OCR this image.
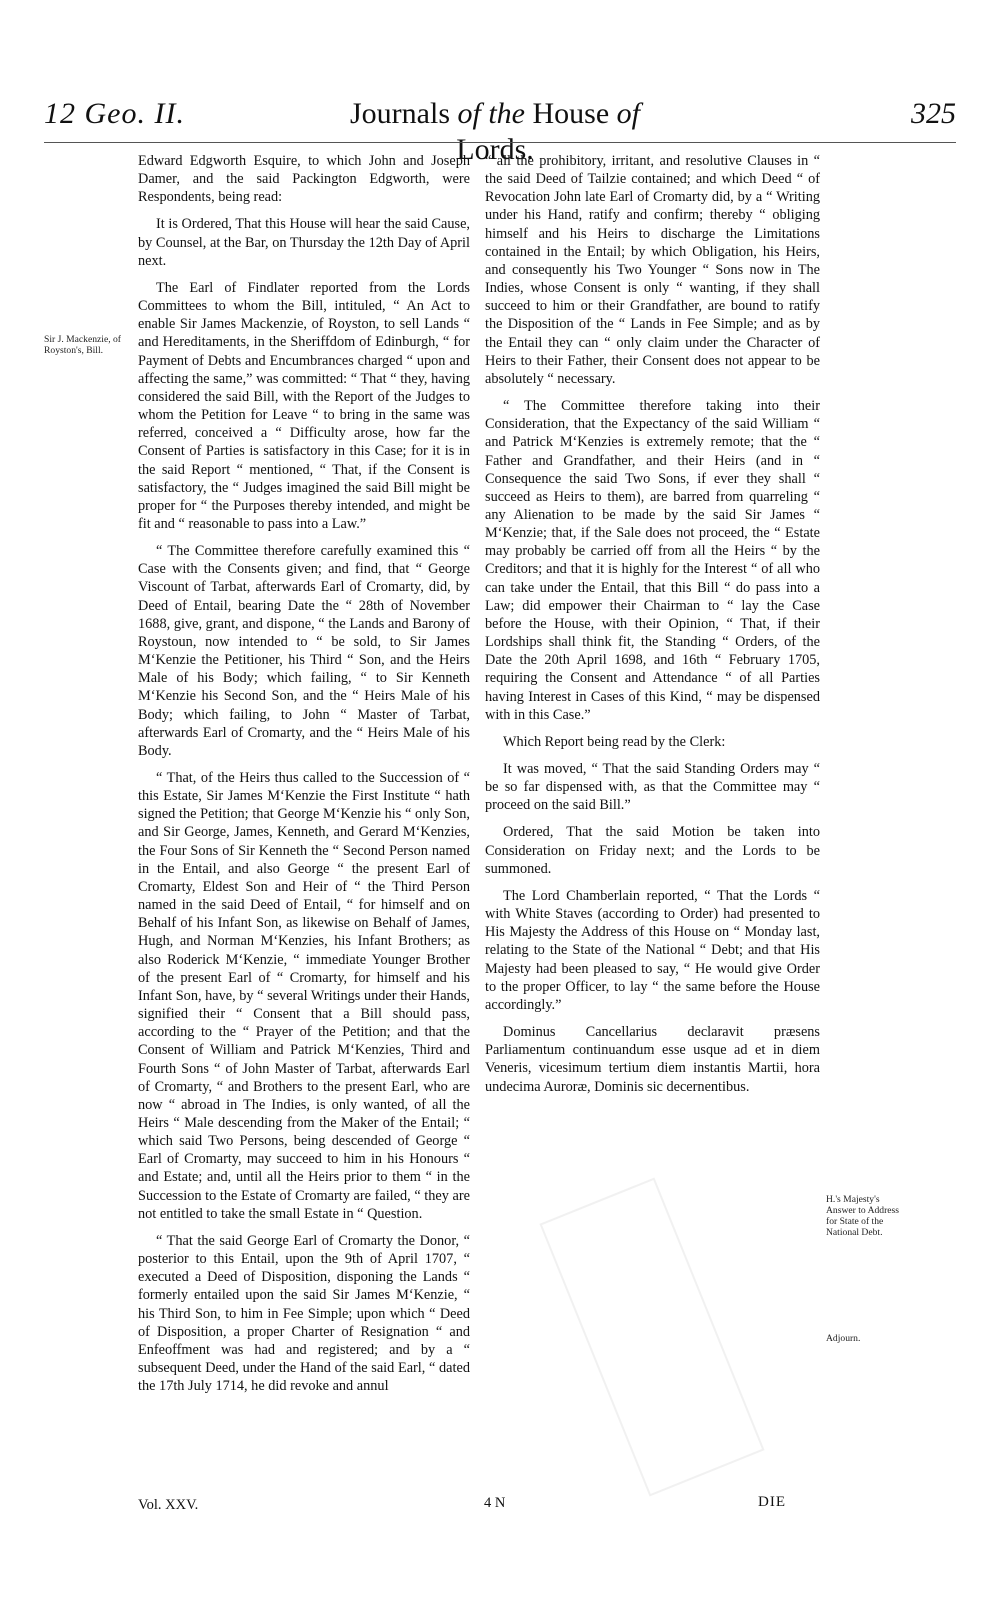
12 Geo. II.	Journals of the House of Lords.
325
Sir J. Mackenzie, of Royston's, Bill.
H.'s Majesty's Answer to Address for State of the National Debt.
Adjourn.

Edward Edgworth Esquire, to which John and Joseph Damer, and the said Packington Edgworth, were Respondents, being read:

It is Ordered, That this House will hear the said Cause, by Counsel, at the Bar, on Thursday the 12th Day of April next.

The Earl of Findlater reported from the Lords Committees to whom the Bill, intituled, “ An Act to enable Sir James Mackenzie, of Royston, to sell Lands “ and Hereditaments, in the Sheriffdom of Edinburgh, “ for Payment of Debts and Encumbrances charged “ upon and affecting the same,” was committed: “ That “ they, having considered the said Bill, with the Report of the Judges to whom the Petition for Leave “ to bring in the same was referred, conceived a “ Difficulty arose, how far the Consent of Parties is satisfactory in this Case; for it is in the said Report “ mentioned, “ That, if the Consent is satisfactory, the “ Judges imagined the said Bill might be proper for “ the Purposes thereby intended, and might be fit and “ reasonable to pass into a Law.”

“ The Committee therefore carefully examined this “ Case with the Consents given; and find, that “ George Viscount of Tarbat, afterwards Earl of Cromarty, did, by Deed of Entail, bearing Date the “ 28th of November 1688, give, grant, and dispone, “ the Lands and Barony of Roystoun, now intended to “ be sold, to Sir James M‘Kenzie the Petitioner, his Third “ Son, and the Heirs Male of his Body; which failing, “ to Sir Kenneth M‘Kenzie his Second Son, and the “ Heirs Male of his Body; which failing, to John “ Master of Tarbat, afterwards Earl of Cromarty, and the “ Heirs Male of his Body.

“ That, of the Heirs thus called to the Succession of “ this Estate, Sir James M‘Kenzie the First Institute “ hath signed the Petition; that George M‘Kenzie his “ only Son, and Sir George, James, Kenneth, and Gerard M‘Kenzies, the Four Sons of Sir Kenneth the “ Second Person named in the Entail, and also George “ the present Earl of Cromarty, Eldest Son and Heir of “ the Third Person named in the said Deed of Entail, “ for himself and on Behalf of his Infant Son, as likewise on Behalf of James, Hugh, and Norman M‘Kenzies, his Infant Brothers; as also Roderick M‘Kenzie, “ immediate Younger Brother of the present Earl of “ Cromarty, for himself and his Infant Son, have, by “ several Writings under their Hands, signified their “ Consent that a Bill should pass, according to the “ Prayer of the Petition; and that the Consent of William and Patrick M‘Kenzies, Third and Fourth Sons “ of John Master of Tarbat, afterwards Earl of Cromarty, “ and Brothers to the present Earl, who are now “ abroad in The Indies, is only wanted, of all the Heirs “ Male descending from the Maker of the Entail; “ which said Two Persons, being descended of George “ Earl of Cromarty, may succeed to him in his Honours “ and Estate; and, until all the Heirs prior to them “ in the Succession to the Estate of Cromarty are failed, “ they are not entitled to take the small Estate in “ Question.

“ That the said George Earl of Cromarty the Donor, “ posterior to this Entail, upon the 9th of April 1707, “ executed a Deed of Disposition, disponing the Lands “ formerly entailed upon the said Sir James M‘Kenzie, “ his Third Son, to him in Fee Simple; upon which “ Deed of Disposition, a proper Charter of Resignation “ and Enfeoffment was had and registered; and by a “ subsequent Deed, under the Hand of the said Earl, “ dated the 17th July 1714, he did revoke and annul

“ all the prohibitory, irritant, and resolutive Clauses in “ the said Deed of Tailzie contained; and which Deed “ of Revocation John late Earl of Cromarty did, by a “ Writing under his Hand, ratify and confirm; thereby “ obliging himself and his Heirs to discharge the Limitations contained in the Entail; by which Obligation, his Heirs, and consequently his Two Younger “ Sons now in The Indies, whose Consent is only “ wanting, if they shall succeed to him or their Grandfather, are bound to ratify the Disposition of the “ Lands in Fee Simple; and as by the Entail they can “ only claim under the Character of Heirs to their Father, their Consent does not appear to be absolutely “ necessary.

“ The Committee therefore taking into their Consideration, that the Expectancy of the said William “ and Patrick M‘Kenzies is extremely remote; that the “ Father and Grandfather, and their Heirs (and in “ Consequence the said Two Sons, if ever they shall “ succeed as Heirs to them), are barred from quarreling “ any Alienation to be made by the said Sir James “ M‘Kenzie; that, if the Sale does not proceed, the “ Estate may probably be carried off from all the Heirs “ by the Creditors; and that it is highly for the Interest “ of all who can take under the Entail, that this Bill “ do pass into a Law; did empower their Chairman to “ lay the Case before the House, with their Opinion, “ That, if their Lordships shall think fit, the Standing “ Orders, of the Date the 20th April 1698, and 16th “ February 1705, requiring the Consent and Attendance “ of all Parties having Interest in Cases of this Kind, “ may be dispensed with in this Case.”

Which Report being read by the Clerk:

It was moved, “ That the said Standing Orders may “ be so far dispensed with, as that the Committee may “ proceed on the said Bill.”

Ordered, That the said Motion be taken into Consideration on Friday next; and the Lords to be summoned.

The Lord Chamberlain reported, “ That the Lords “ with White Staves (according to Order) had presented to His Majesty the Address of this House on “ Monday last, relating to the State of the National “ Debt; and that His Majesty had been pleased to say, “ He would give Order to the proper Officer, to lay “ the same before the House accordingly.”

Dominus Cancellarius declaravit præsens Parliamentum continuandum esse usque ad et in diem Veneris, vicesimum tertium diem instantis Martii, hora undecima Auroræ, Dominis sic decernentibus.

Vol. XXV.	4 N	DIE
